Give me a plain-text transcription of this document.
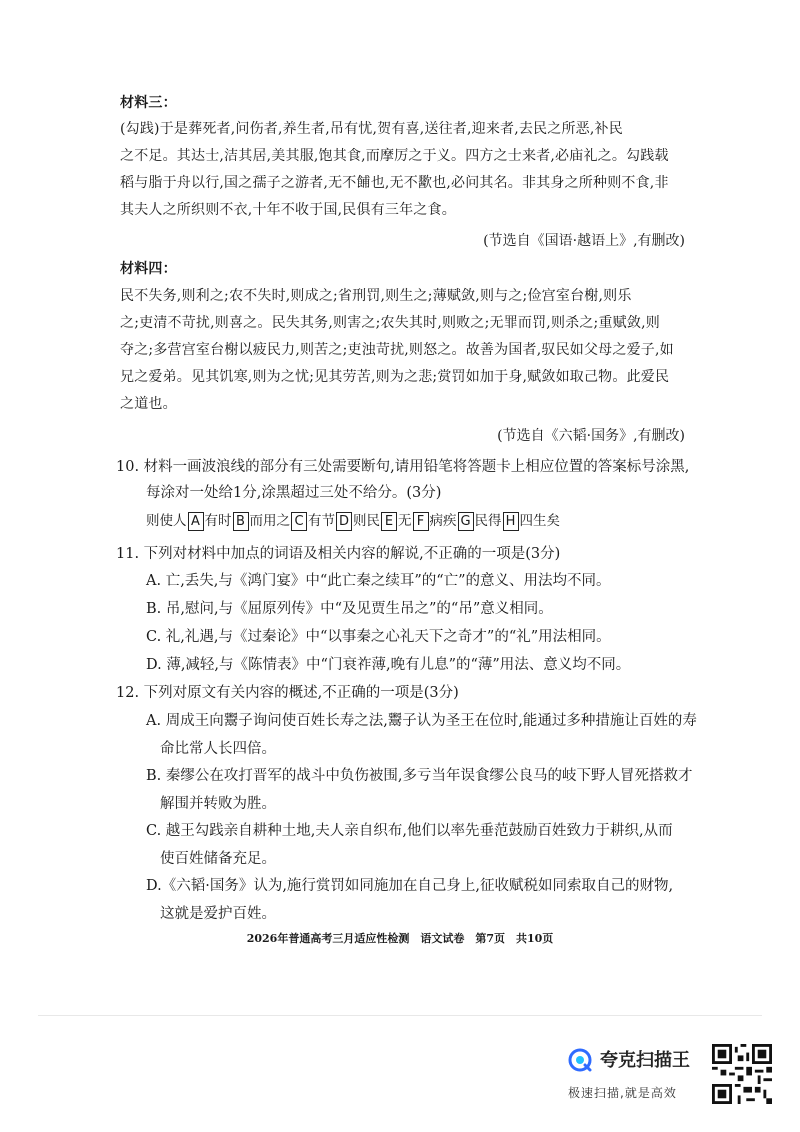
材料三：
(勾践)于是葬死者,问伤者,养生者,吊有忧,贺有喜,送往者,迎来者,去民之所恶,补民
之不足。其达士,洁其居,美其服,饱其食,而摩厉之于义。四方之士来者,必庙礼之。勾践载
稻与脂于舟以行,国之孺子之游者,无不餔也,无不歠也,必问其名。非其身之所种则不食,非
其夫人之所织则不衣,十年不收于国,民俱有三年之食。
(节选自《国语·越语上》,有删改)
材料四：
民不失务,则利之;农不失时,则成之;省刑罚,则生之;薄赋敛,则与之;俭宫室台榭,则乐
之;吏清不苛扰,则喜之。民失其务,则害之;农失其时,则败之;无罪而罚,则杀之;重赋敛,则
夺之;多营宫室台榭以疲民力,则苦之;吏浊苛扰,则怒之。故善为国者,驭民如父母之爱子,如
兄之爱弟。见其饥寒,则为之忧;见其劳苦,则为之悲;赏罚如加于身,赋敛如取己物。此爱民
之道也。
(节选自《六韬·国务》,有删改)
10. 材料一画波浪线的部分有三处需要断句,请用铅笔将答题卡上相应位置的答案标号涂黑,
每涂对一处给1分,涂黑超过三处不给分。(3分)
则使人 A 有时 B 而用之 C 有节 D 则民 E 无 F 病疾 G 民得 H 四生矣
11. 下列对材料中加点的词语及相关内容的解说,不正确的一项是(3分)
A. 亡,丢失,与《鸿门宴》中“此亡秦之续耳”的“亡”的意义、用法均不同。
B. 吊,慰问,与《屈原列传》中“及见贾生吊之”的“吊”意义相同。
C. 礼,礼遇,与《过秦论》中“以事秦之心礼天下之奇才”的“礼”用法相同。
D. 薄,减轻,与《陈情表》中“门衰祚薄,晚有儿息”的“薄”用法、意义均不同。
12. 下列对原文有关内容的概述,不正确的一项是(3分)
A. 周成王向鬻子询问使百姓长寿之法,鬻子认为圣王在位时,能通过多种措施让百姓的寿
命比常人长四倍。
B. 秦缪公在攻打晋军的战斗中负伤被围,多亏当年误食缪公良马的岐下野人冒死搭救才
解围并转败为胜。
C. 越王勾践亲自耕种土地,夫人亲自织布,他们以率先垂范鼓励百姓致力于耕织,从而
使百姓储备充足。
D.《六韬·国务》认为,施行赏罚如同施加在自己身上,征收赋税如同索取自己的财物,
这就是爱护百姓。
2026年普通高考三月适应性检测　语文试卷　第7页　共10页
夸克扫描王
极速扫描,就是高效
